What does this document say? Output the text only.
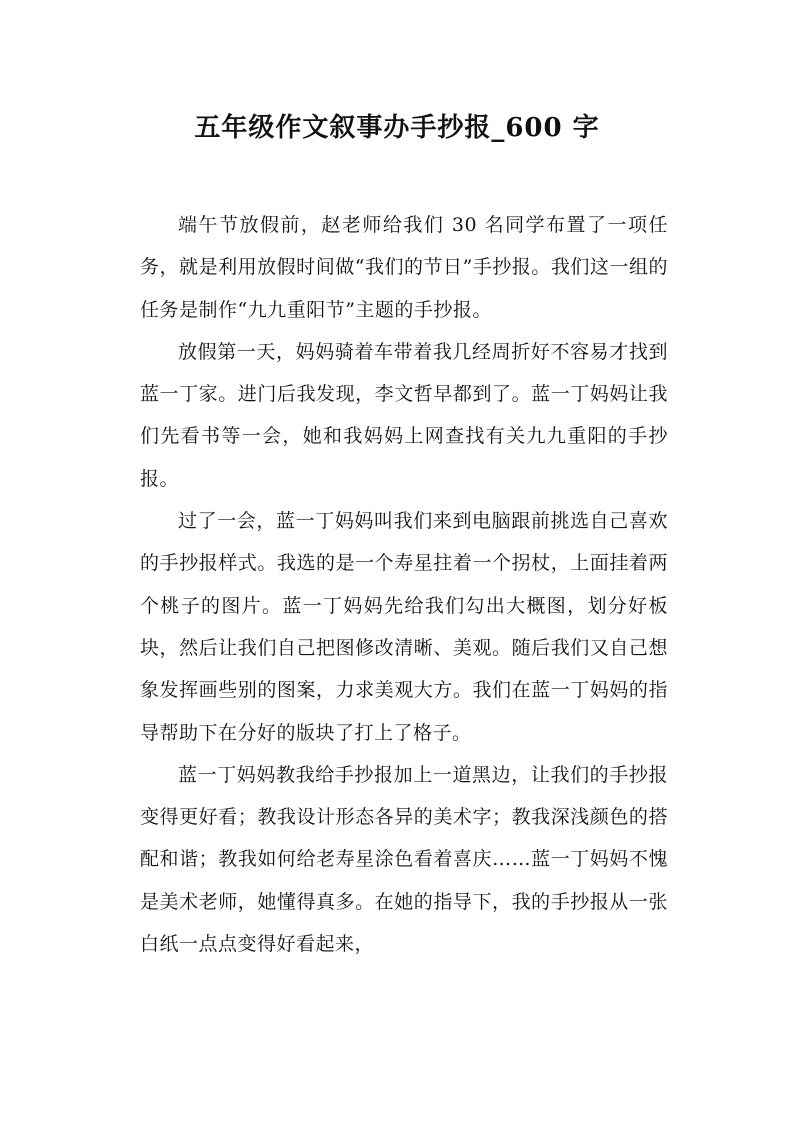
五年级作文叙事办手抄报_600 字

端午节放假前，赵老师给我们 30 名同学布置了一项任务，就是利用放假时间做“我们的节日”手抄报。我们这一组的任务是制作“九九重阳节”主题的手抄报。

放假第一天，妈妈骑着车带着我几经周折好不容易才找到蓝一丁家。进门后我发现，李文哲早都到了。蓝一丁妈妈让我们先看书等一会，她和我妈妈上网查找有关九九重阳的手抄报。

过了一会，蓝一丁妈妈叫我们来到电脑跟前挑选自己喜欢的手抄报样式。我选的是一个寿星拄着一个拐杖，上面挂着两个桃子的图片。蓝一丁妈妈先给我们勾出大概图，划分好板块，然后让我们自己把图修改清晰、美观。随后我们又自己想象发挥画些别的图案，力求美观大方。我们在蓝一丁妈妈的指导帮助下在分好的版块了打上了格子。

蓝一丁妈妈教我给手抄报加上一道黑边，让我们的手抄报变得更好看；教我设计形态各异的美术字；教我深浅颜色的搭配和谐；教我如何给老寿星涂色看着喜庆……蓝一丁妈妈不愧是美术老师，她懂得真多。在她的指导下，我的手抄报从一张白纸一点点变得好看起来，
